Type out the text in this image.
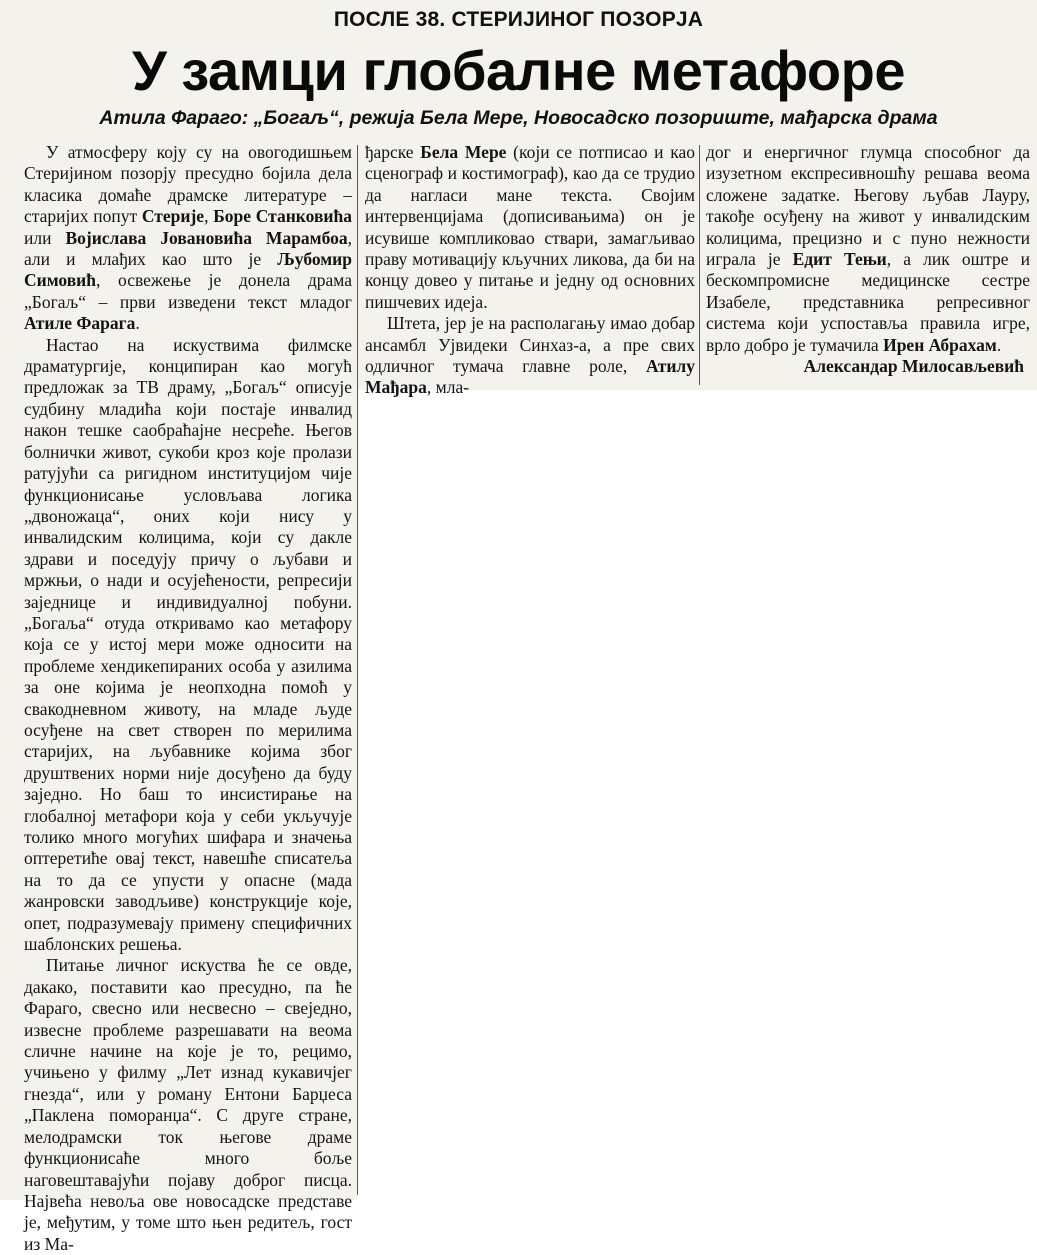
ПОСЛЕ 38. СТЕРИЈИНОГ ПОЗОРЈА
У замци глобалне метафоре
Атила Фараго: „Богаљ“, режија Бела Мере, Новосадско позориште, мађарска драма

У атмосферу коју су на овогодишњем Стеријином позорју пресудно бојила дела класика домаће драмске литературе – старијих попут Стерије, Боре Станковића или Војислава Јовановића Марамбоа, али и млађих као што је Љубомир Симовић, освежење је донела драма „Богаљ“ – први изведени текст младог Атиле Фарага.

Настао на искуствима филмске драматургије, конципиран као могућ предложак за ТВ драму, „Богаљ“ описује судбину младића који постаје инвалид након тешке саобраћајне несреће. Његов болнички живот, сукоби кроз које пролази ратујући са ригидном институцијом чије функционисање условљава логика „двоножаца“, оних који нису у инвалидским колицима, који су дакле здрави и поседују причу о љубави и мржњи, о нади и осујећености, репресији заједнице и индивидуалној побуни. „Богаља“ отуда откривамо као метафору која се у истој мери може односити на проблеме хендикепираних особа у азилима за оне којима је неопходна помоћ у свакодневном животу, на младе људе осуђене на свет створен по мерилима старијих, на љубавнике којима због друштвених норми није досуђено да буду заједно. Но баш то инсистирање на глобалној метафори која у себи укључује толико много могућих шифара и значења оптеретиће овај текст, навешће списатеља на то да се упусти у опасне (мада жанровски заводљиве) конструкције које, опет, подразумевају примену специфичних шаблонских решења.

Питање личног искуства ће се овде, дакако, поставити као пресудно, па ће Фараго, свесно или несвесно – свеједно, извесне проблеме разрешавати на веома сличне начине на које је то, рецимо, учињено у филму „Лет изнад кукавичјег гнезда“, или у роману Ентони Барџеса „Паклена поморанџа“. С друге стране, мелодрамски ток његове драме функционисаће много боље наговештавајући појаву доброг писца. Највећа невоља ове новосадске представе је, међутим, у томе што њен редитељ, гост из Ма-

ђарске Бела Мере (који се потписао и као сценограф и костимограф), као да се трудио да нагласи мане текста. Својим интервенцијама (дописивањима) он је исувише компликовао ствари, замагљивао праву мотивацију кључних ликова, да би на концу довео у питање и једну од основних пишчевих идеја.

Штета, јер је на располагању имао добар ансамбл Ујвидеки Синхаз-а, а пре свих одличног тумача главне роле, Атилу Мађара, мла-

дог и енергичног глумца способног да изузетном експресивношћу решава веома сложене задатке. Његову љубав Лауру, такође осуђену на живот у инвалидским колицима, прецизно и с пуно нежности играла је Едит Тењи, а лик оштре и бескомпромисне медицинске сестре Изабеле, представника репресивног система који успоставља правила игре, врло добро је тумачила Ирен Абрахам.

Александар Милосављевић
